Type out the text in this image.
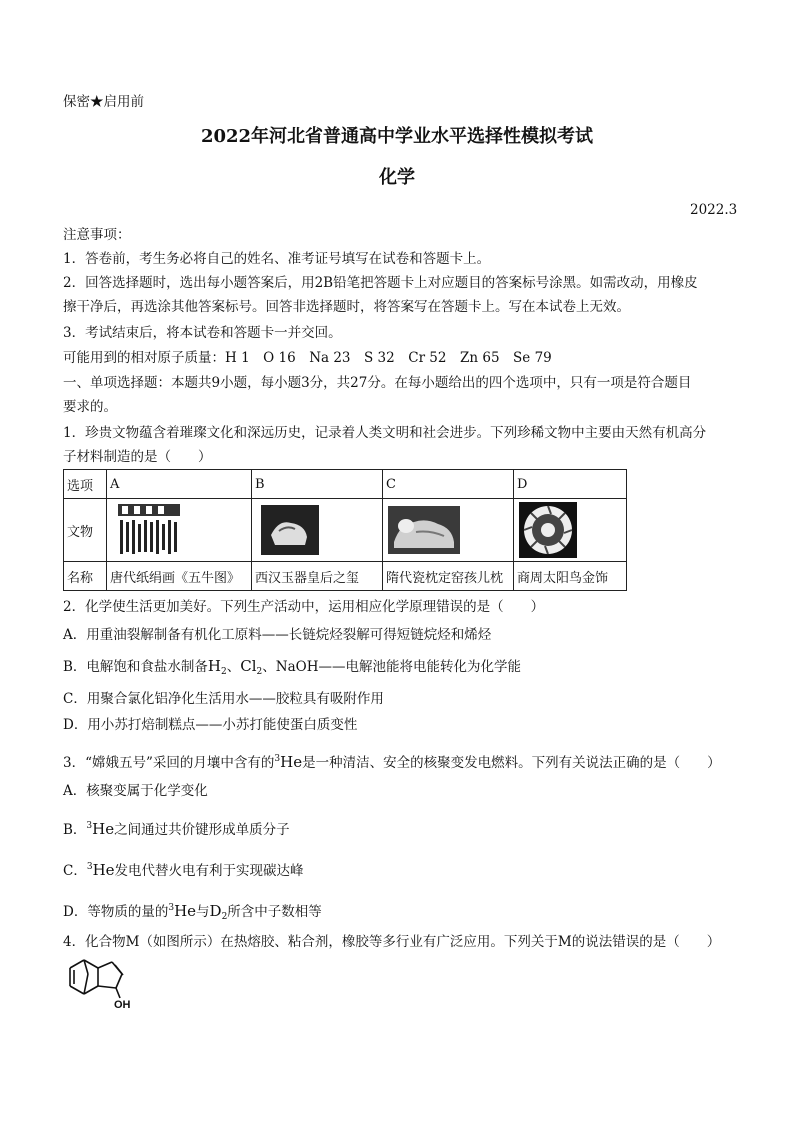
保密★启用前
2022年河北省普通高中学业水平选择性模拟考试
化学
2022.3
注意事项：
1．答卷前，考生务必将自己的姓名、准考证号填写在试卷和答题卡上。
2．回答选择题时，选出每小题答案后，用2B铅笔把答题卡上对应题目的答案标号涂黑。如需改动，用橡皮
擦干净后，再选涂其他答案标号。回答非选择题时，将答案写在答题卡上。写在本试卷上无效。
3．考试结束后，将本试卷和答题卡一并交回。
可能用到的相对原子质量：H 1　O 16　Na 23　S 32　Cr 52　Zn 65　Se 79
一、单项选择题：本题共9小题，每小题3分，共27分。在每小题给出的四个选项中，只有一项是符合题目
要求的。
1．珍贵文物蕴含着璀璨文化和深远历史，记录着人类文明和社会进步。下列珍稀文物中主要由天然有机高分
子材料制造的是（　　）
选项	A	B	C	D
文物	

名称	唐代纸绢画《五牛图》	西汉玉器皇后之玺	隋代瓷枕定窑孩儿枕	商周太阳鸟金饰
2．化学使生活更加美好。下列生产活动中，运用相应化学原理错误的是（　　）
A．用重油裂解制备有机化工原料——长链烷烃裂解可得短链烷烃和烯烃
B．电解饱和食盐水制备$H_2$、$Cl_2$、NaOH——电解池能将电能转化为化学能
C．用聚合氯化铝净化生活用水——胶粒具有吸附作用
D．用小苏打焙制糕点——小苏打能使蛋白质变性
3．“嫦娥五号”采回的月壤中含有的$^3$He是一种清洁、安全的核聚变发电燃料。下列有关说法正确的是（　　）
A．核聚变属于化学变化
B．$^3$He之间通过共价键形成单质分子
C．$^3$He发电代替火电有利于实现碳达峰
D．等物质的量的$^3$He与$D_2$所含中子数相等
4．化合物M（如图所示）在热熔胶、粘合剂，橡胶等多行业有广泛应用。下列关于M的说法错误的是（　　）
OH
